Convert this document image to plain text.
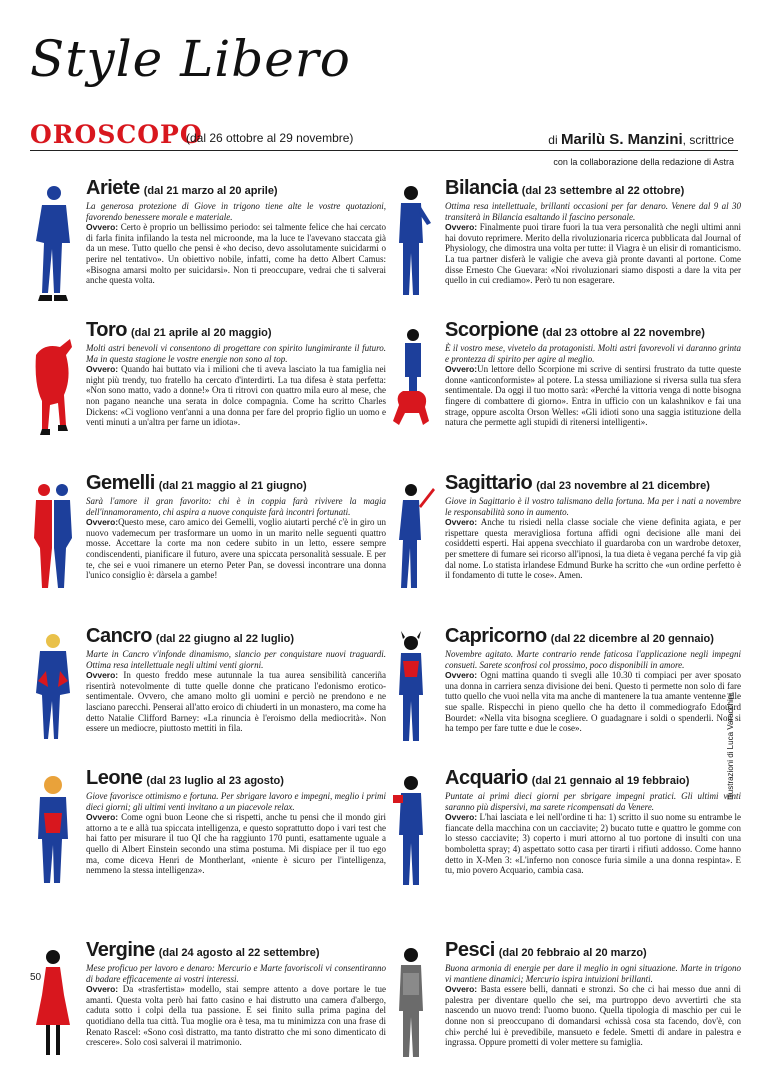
Style Libero
OROSCOPO
(dal 26 ottobre al 29 novembre)	di Marilù S. Manzini, scrittrice
con la collaborazione della redazione di Astra
Ariete (dal 21 marzo al 20 aprile)
La generosa protezione di Giove in trigono tiene alte le vostre quotazioni, favorendo benessere morale e materiale.
Ovvero: Certo è proprio un bellissimo periodo: sei talmente felice che hai cercato di farla finita infilando la testa nel microonde, ma la luce te l'avevano staccata già da un mese. Tutto quello che pensi è «ho deciso, devo assolutamente suicidarmi o perire nel tentativo». Un obiettivo nobile, infatti, come ha detto Albert Camus: «Bisogna amarsi molto per suicidarsi». Non ti preoccupare, vedrai che ti salverai anche questa volta.
Toro (dal 21 aprile al 20 maggio)
Molti astri benevoli vi consentono di progettare con spirito lungimirante il futuro. Ma in questa stagione le vostre energie non sono al top.
Ovvero: Quando hai buttato via i milioni che ti aveva lasciato la tua famiglia nei night più trendy, tuo fratello ha cercato d'interdirti. La tua difesa è stata perfetta: «Non sono matto, vado a donne!» Ora ti ritrovi con quattro mila euro al mese, che non pagano neanche una serata in dolce compagnia. Come ha scritto Charles Dickens: «Ci vogliono vent'anni a una donna per fare del proprio figlio un uomo e venti minuti a un'altra per farne un idiota».
Gemelli (dal 21 maggio al 21 giugno)
Sarà l'amore il gran favorito: chi è in coppia farà rivivere la magia dell'innamoramento, chi aspira a nuove conquiste farà incontri fortunati.
Ovvero:Questo mese, caro amico dei Gemelli, voglio aiutarti perché c'è in giro un nuovo vademecum per trasformare un uomo in un marito nelle seguenti quattro mosse. Accettare la corte ma non cedere subito in un letto, essere sempre condiscendenti, pianificare il futuro, avere una spiccata personalità sessuale. E per te, che sei e vuoi rimanere un eterno Peter Pan, se dovessi incontrare una donna l'unico consiglio è: dàrsela a gambe!
Cancro (dal 22 giugno al 22 luglio)
Marte in Cancro v'infonde dinamismo, slancio per conquistare nuovi traguardi. Ottima resa intellettuale negli ultimi venti giorni.
Ovvero: In questo freddo mese autunnale la tua aurea sensibilità canceriña risentirà notevolmente di tutte quelle donne che praticano l'edonismo erotico-sentimentale. Ovvero, che amano molto gli uomini e perciò ne prendono e ne lasciano parecchi. Penserai all'atto eroico di chiuderti in un monastero, ma come ha detto Natalie Clifford Barney: «La rinuncia è l'eroismo della mediocrità». Non essere un mediocre, piuttosto mettiti in fila.
Leone (dal 23 luglio al 23 agosto)
Giove favorisce ottimismo e fortuna. Per sbrigare lavoro e impegni, meglio i primi dieci giorni; gli ultimi venti invitano a un piacevole relax.
Ovvero: Come ogni buon Leone che si rispetti, anche tu pensi che il mondo giri attorno a te e allà tua spiccata intelligenza, e questo soprattutto dopo i vari test che hai fatto per misurare il tuo QI che ha raggiunto 170 punti, esattamente uguale a quello di Albert Einstein secondo una stima postuma. Mi dispiace per il tuo ego ma, come diceva Henri de Montherlant, «niente è sicuro per l'intelligenza, nemmeno la stessa intelligenza».
Vergine (dal 24 agosto al 22 settembre)
Mese proficuo per lavoro e denaro: Mercurio e Marte favoriscoli vi consentiranno di badare efficacemente ai vostri interessi.
Ovvero: Da «trasfertista» modello, stai sempre attento a dove portare le tue amanti. Questa volta però hai fatto casino e hai distrutto una camera d'albergo, caduta sotto i colpi della tua passione. E sei finito sulla prima pagina del quotidiano della tua città. Tua moglie ora è tesa, ma tu minimizza con una frase di Renato Rascel: «Sono così distratto, ma tanto distratto che mi sono dimenticato di crescere». Solo così salverai il matrimonio.
Bilancia (dal 23 settembre al 22 ottobre)
Ottima resa intellettuale, brillanti occasioni per far denaro. Venere dal 9 al 30 transiterà in Bilancia esaltando il fascino personale.
Ovvero: Finalmente puoi tirare fuori la tua vera personalità che negli ultimi anni hai dovuto reprimere. Merito della rivoluzionaria ricerca pubblicata dal Journal of Physiology, che dimostra una volta per tutte: il Viagra è un elisir di romanticismo. La tua partner disferà le valigie che aveva già pronte davanti al portone. Come disse Ernesto Che Guevara: «Noi rivoluzionari siamo disposti a dare la vita per quello in cui crediamo». Però tu non esagerare.
Scorpione (dal 23 ottobre al 22 novembre)
È il vostro mese, vivetelo da protagonisti. Molti astri favorevoli vi daranno grinta e prontezza di spirito per agire al meglio.
Ovvero:Un lettore dello Scorpione mi scrive di sentirsi frustrato da tutte queste donne «anticonformiste» al potere. La stessa umiliazione si riversa sulla tua sfera sentimentale. Da oggi il tuo motto sarà: «Perché la vittoria venga di notte bisogna fingere di combattere di giorno». Entra in ufficio con un kalashnikov e fai una strage, oppure ascolta Orson Welles: «Gli idioti sono una saggia istituzione della natura che permette agli stupidi di ritenersi intelligenti».
Sagittario (dal 23 novembre al 21 dicembre)
Giove in Sagittario è il vostro talismano della fortuna. Ma per i nati a novembre le responsabilità sono in aumento.
Ovvero: Anche tu risiedi nella classe sociale che viene definita agiata, e per rispettare questa meravigliosa fortuna affidi ogni decisione alle mani dei cosiddetti esperti. Hai appena svecchiato il guardaroba con un wardrobe detoxer, per smettere di fumare sei ricorso all'ipnosi, la tua dieta è vegana perché fa vip già dal nome. Lo statista irlandese Edmund Burke ha scritto che «un ordine perfetto è il fondamento di tutte le cose». Amen.
Capricorno (dal 22 dicembre al 20 gennaio)
Novembre agitato. Marte contrario rende faticosa l'applicazione negli impegni consueti. Sarete sconfrosi col prossimo, poco disponibili in amore.
Ovvero: Ogni mattina quando ti svegli alle 10.30 ti compiaci per aver sposato una donna in carriera senza divisione dei beni. Questo ti permette non solo di fare tutto quello che vuoi nella vita ma anche di mantenere la tua amante ventenne alle sue spalle. Rispecchi in pieno quello che ha detto il commediografo Edouard Bourdet: «Nella vita bisogna scegliere. O guadagnare i soldi o spenderli. Non si ha tempo per fare tutte e due le cose».
Acquario (dal 21 gennaio al 19 febbraio)
Puntate ai primi dieci giorni per sbrigare impegni pratici. Gli ultimi venti saranno più dispersivi, ma sarete ricompensati da Venere.
Ovvero: L'hai lasciata e lei nell'ordine ti ha: 1) scritto il suo nome su entrambe le fiancate della macchina con un cacciavite; 2) bucato tutte e quattro le gomme con lo stesso cacciavite; 3) coperto i muri attorno al tuo portone di insulti con una bomboletta spray; 4) aspettato sotto casa per tirarti i rifiuti addosso. Come hanno detto in X-Men 3: «L'inferno non conosce furia simile a una donna respinta». E tu, mio povero Acquario, cambia casa.
Pesci (dal 20 febbraio al 20 marzo)
Buona armonia di energie per dare il meglio in ogni situazione. Marte in trigono vi mantiene dinamici; Mercurio ispira intuizioni brillanti.
Ovvero: Basta essere belli, dannati e stronzi. So che ci hai messo due anni di palestra per diventare quello che sei, ma purtroppo devo avvertirti che sta nascendo un nuovo trend: l'uomo buono. Quella tipologia di maschio per cui le donne non si preoccupano di domandarsi «chissà cosa sta facendo, dov'è, con chi» perché lui è prevedibile, mansueto e fedele. Smetti di andare in palestra e ingrassa. Oppure prometti di voler mettere su famiglia.
50
Illustrazioni di Luca Varacchini
